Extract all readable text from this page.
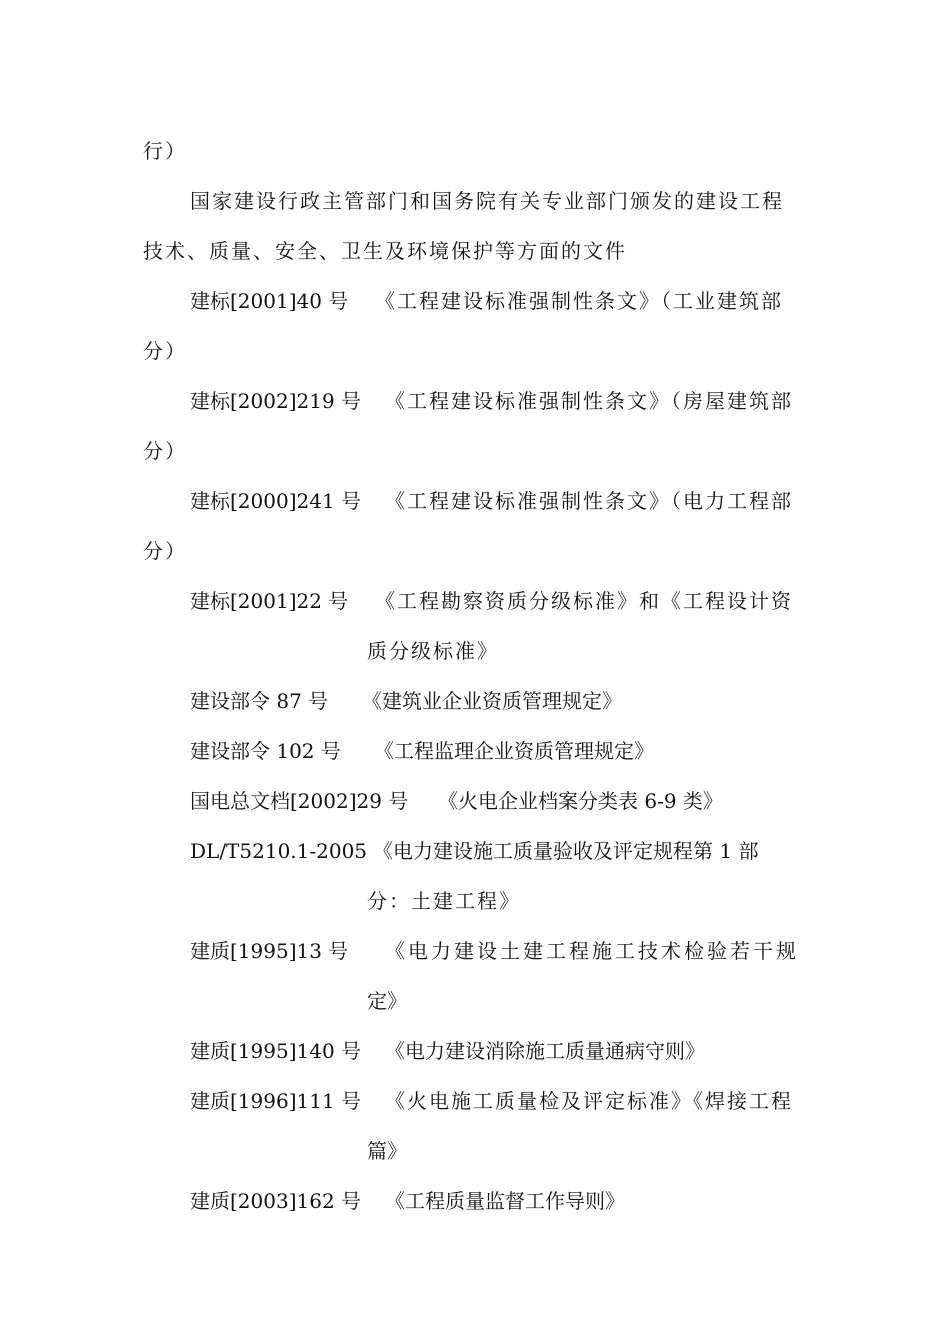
行）
国家建设行政主管部门和国务院有关专业部门颁发的建设工程
技术、质量、安全、卫生及环境保护等方面的文件
建标[2001]40 号 《工程建设标准强制性条文》（工业建筑部
分）
建标[2002]219 号 《工程建设标准强制性条文》（房屋建筑部
分）
建标[2000]241 号 《工程建设标准强制性条文》（电力工程部
分）
建标[2001]22 号 《工程勘察资质分级标准》和《工程设计资
质分级标准》
建设部令 87 号 《建筑业企业资质管理规定》
建设部令 102 号 《工程监理企业资质管理规定》
国电总文档[2002]29 号 《火电企业档案分类表 6-9 类》
DL/T5210.1-2005 《电力建设施工质量验收及评定规程第 1 部
分：土建工程》
建质[1995]13 号 《电力建设土建工程施工技术检验若干规
定》
建质[1995]140 号 《电力建设消除施工质量通病守则》
建质[1996]111 号 《火电施工质量检及评定标准》《焊接工程
篇》
建质[2003]162 号 《工程质量监督工作导则》
